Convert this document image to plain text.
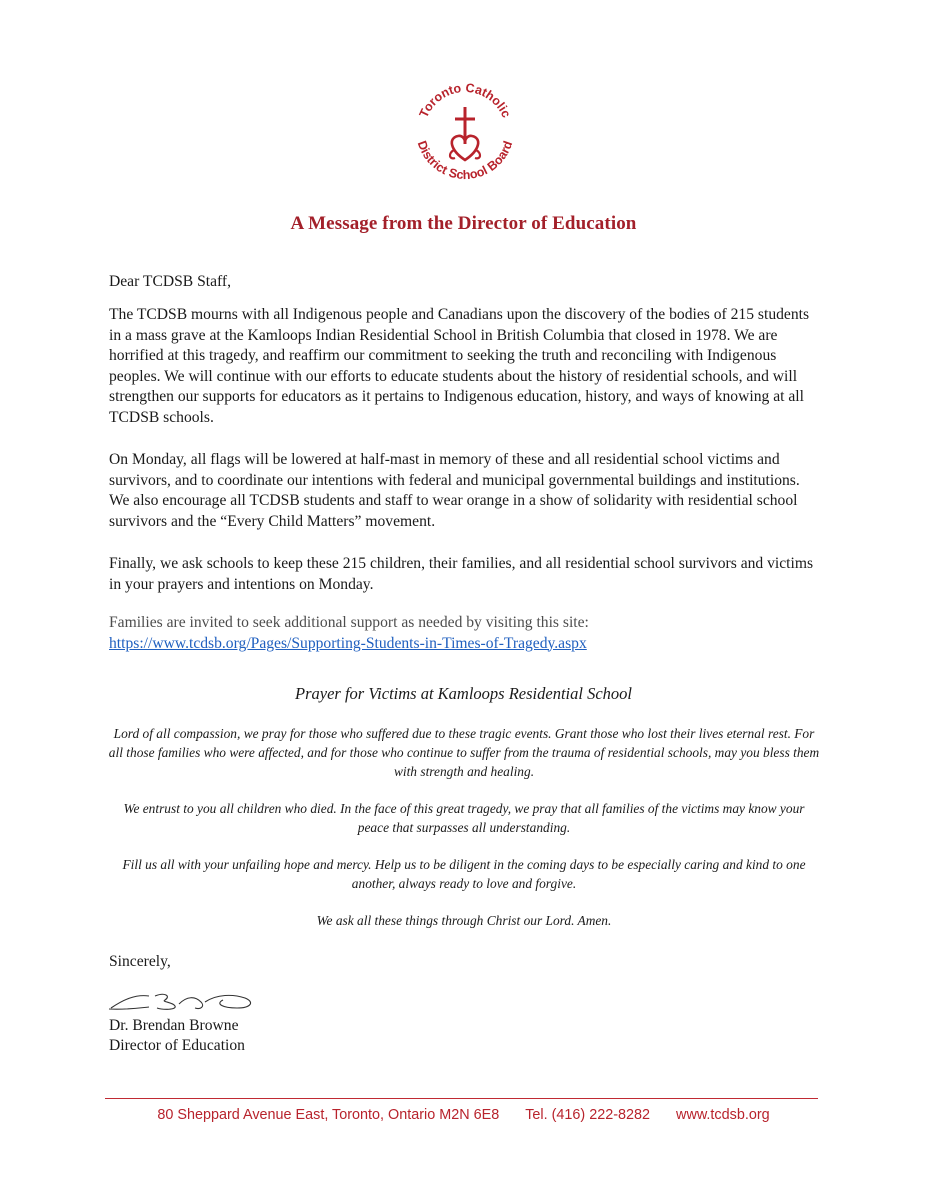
Toronto Catholic
District School Board
A Message from the Director of Education
Dear TCDSB Staff,

The TCDSB mourns with all Indigenous people and Canadians upon the discovery of the bodies of 215 students in a mass grave at the Kamloops Indian Residential School in British Columbia that closed in 1978. We are horrified at this tragedy, and reaffirm our commitment to seeking the truth and reconciling with Indigenous peoples. We will continue with our efforts to educate students about the history of residential schools, and will strengthen our supports for educators as it pertains to Indigenous education, history, and ways of knowing at all TCDSB schools.

On Monday, all flags will be lowered at half-mast in memory of these and all residential school victims and survivors, and to coordinate our intentions with federal and municipal governmental buildings and institutions. We also encourage all TCDSB students and staff to wear orange in a show of solidarity with residential school survivors and the “Every Child Matters” movement.

Finally, we ask schools to keep these 215 children, their families, and all residential school survivors and victims in your prayers and intentions on Monday.

Families are invited to seek additional support as needed by visiting this site:

https://www.tcdsb.org/Pages/Supporting-Students-in-Times-of-Tragedy.aspx

Prayer for Victims at Kamloops Residential School

Lord of all compassion, we pray for those who suffered due to these tragic events. Grant those who lost their lives eternal rest. For all those families who were affected, and for those who continue to suffer from the trauma of residential schools, may you bless them with strength and healing.

We entrust to you all children who died. In the face of this great tragedy, we pray that all families of the victims may know your peace that surpasses all understanding.

Fill us all with your unfailing hope and mercy. Help us to be diligent in the coming days to be especially caring and kind to one another, always ready to love and forgive.

We ask all these things through Christ our Lord. Amen.

Sincerely,
Dr. Brendan Browne
Director of Education
80 Sheppard Avenue East, Toronto, Ontario M2N 6E8 Tel. (416) 222-8282 www.tcdsb.org
